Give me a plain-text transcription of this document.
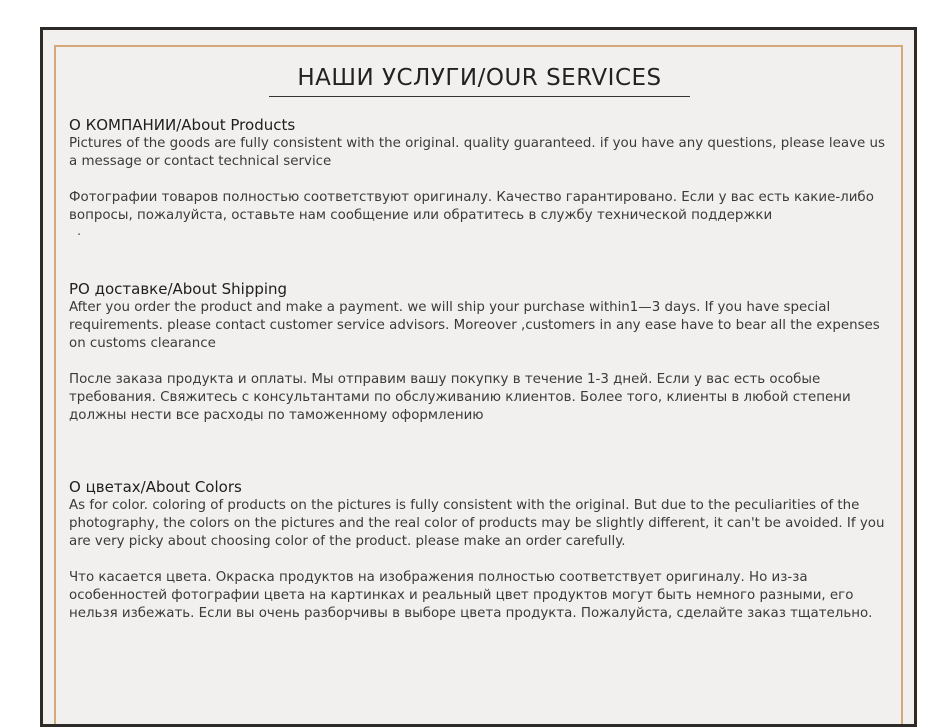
НАШИ УСЛУГИ/OUR SERVICES
О КОМПАНИИ/About Products

Pictures of the goods are fully consistent with the original. quality guaranteed. if you have any questions, please leave us a message or contact technical service

Фотографии товаров полностью соответствуют оригиналу. Качество гарантировано. Если у вас есть какие-либо вопросы, пожалуйста, оставьте нам сообщение или обратитесь в службу технической поддержки

.
PO доставке/About Shipping

After you order the product and make a payment. we will ship your purchase within1—3 days. If you have special requirements. please contact customer service advisors. Moreover ,customers in any ease have to bear all the expenses on customs clearance

После заказа продукта и оплаты. Мы отправим вашу покупку в течение 1-3 дней. Если у вас есть особые требования. Свяжитесь с консультантами по обслуживанию клиентов. Более того, клиенты в любой степени должны нести все расходы по таможенному оформлению

О цветах/About Colors

As for color. coloring of products on the pictures is fully consistent with the original. But due to the peculiarities of the photography, the colors on the pictures and the real color of products may be slightly different, it can't be avoided. If you are very picky about choosing color of the product. please make an order carefully.

Что касается цвета. Окраска продуктов на изображения полностью соответствует оригиналу. Но из-за особенностей фотографии цвета на картинках и реальный цвет продуктов могут быть немного разными, его нельзя избежать. Если вы очень разборчивы в выборе цвета продукта. Пожалуйста, сделайте заказ тщательно.
